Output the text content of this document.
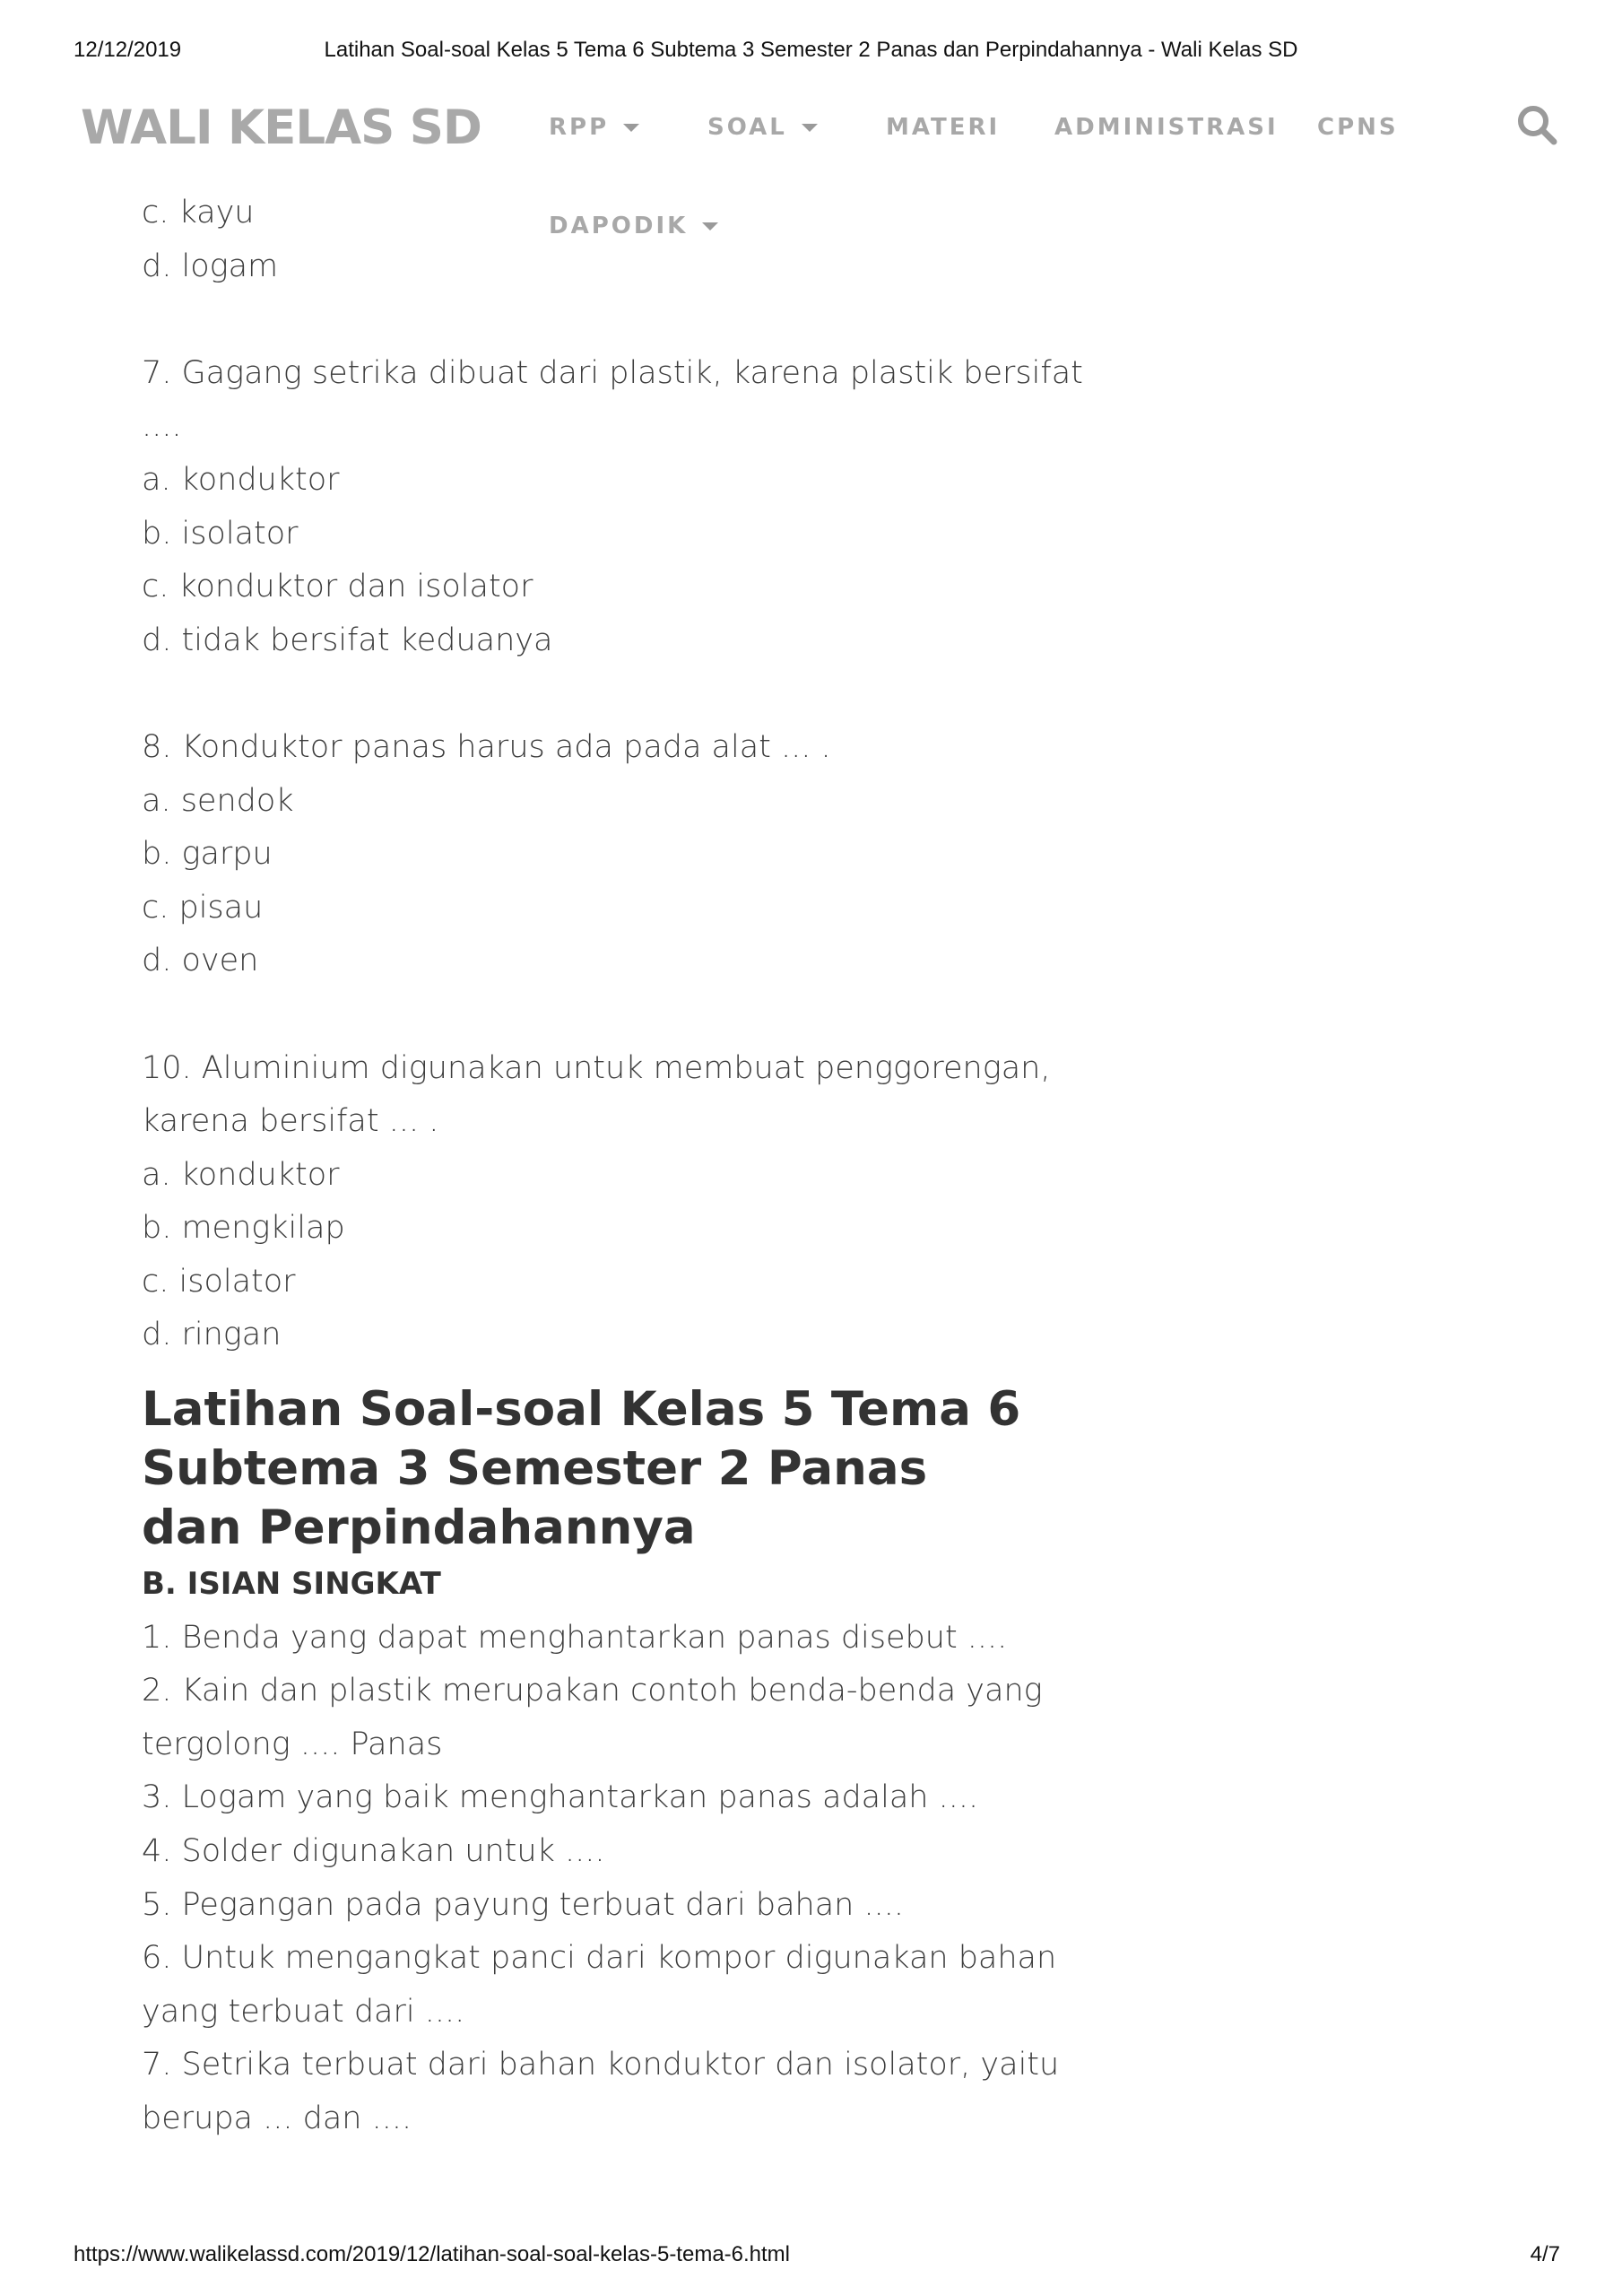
12/12/2019	Latihan Soal-soal Kelas 5 Tema 6 Subtema 3 Semester 2 Panas dan Perpindahannya - Wali Kelas SD
WALI KELAS SD	RPP	SOAL	MATERI ADMINISTRASI CPNS
DAPODIK

c. kayu

d. logam

7. Gagang setrika dibuat dari plastik, karena plastik bersifat

....

a. konduktor

b. isolator

c. konduktor dan isolator

d. tidak bersifat keduanya

8. Konduktor panas harus ada pada alat ... .

a. sendok

b. garpu

c. pisau

d. oven

10. Aluminium digunakan untuk membuat penggorengan,

karena bersifat ... .

a. konduktor

b. mengkilap

c. isolator

d. ringan

Latihan Soal-soal Kelas 5 Tema 6 Subtema 3 Semester 2 Panas dan Perpindahannya

B. ISIAN SINGKAT

1. Benda yang dapat menghantarkan panas disebut ....

2. Kain dan plastik merupakan contoh benda-benda yang

tergolong .... Panas

3. Logam yang baik menghantarkan panas adalah ....

4. Solder digunakan untuk ....

5. Pegangan pada payung terbuat dari bahan ....

6. Untuk mengangkat panci dari kompor digunakan bahan

yang terbuat dari ....

7. Setrika terbuat dari bahan konduktor dan isolator, yaitu

berupa ... dan ....

https://www.walikelassd.com/2019/12/latihan-soal-soal-kelas-5-tema-6.html	4/7
